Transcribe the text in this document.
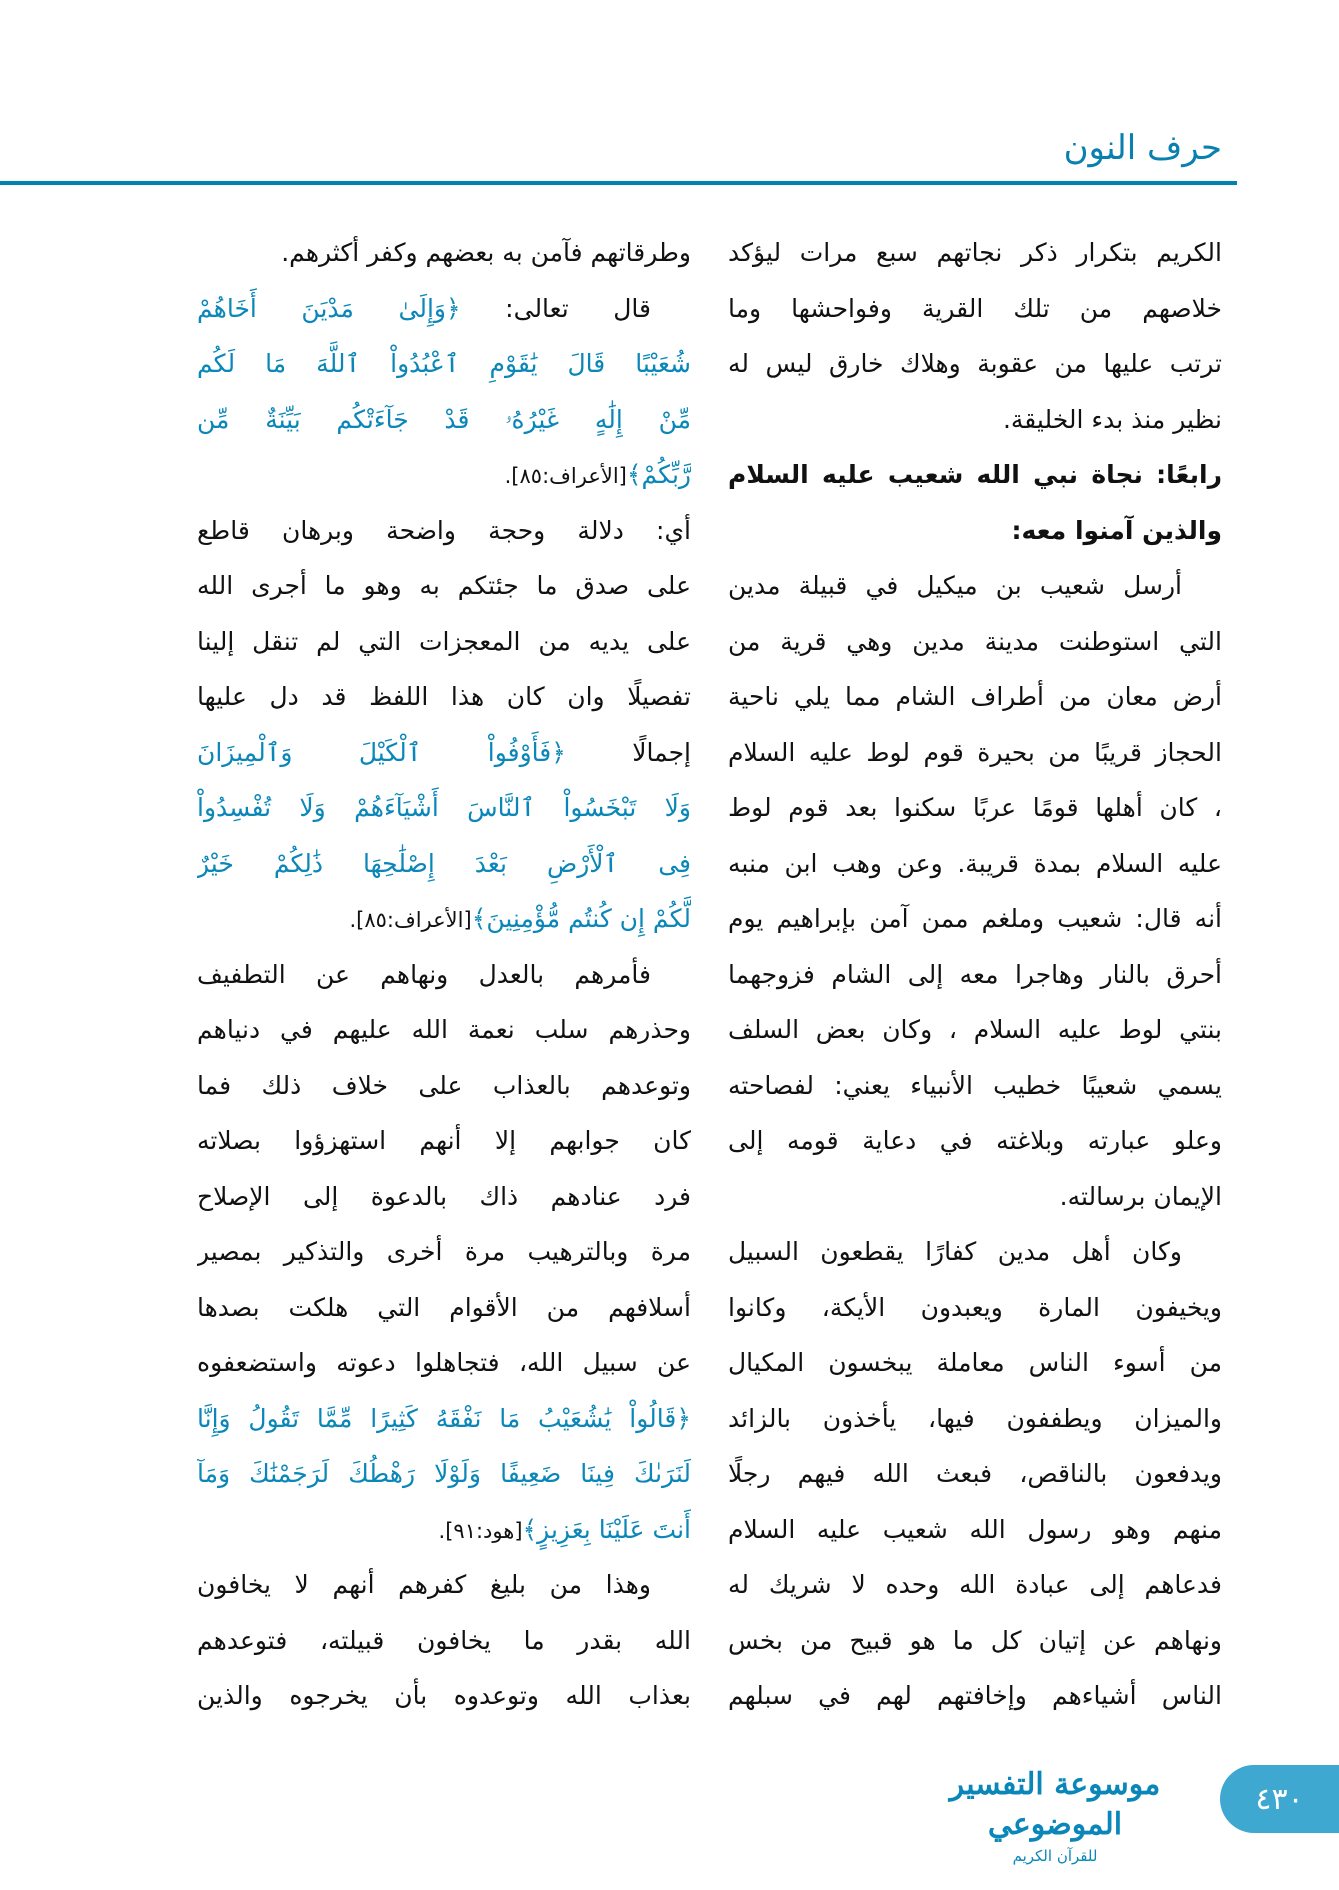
حرف النون
الكريم بتكرار ذكر نجاتهم سبع مرات ليؤكد
خلاصهم من تلك القرية وفواحشها وما
ترتب عليها من عقوبة وهلاك خارق ليس له
نظير منذ بدء الخليقة.
رابعًا: نجاة نبي الله شعيب عليه السلام
والذين آمنوا معه:
أرسل شعيب بن ميكيل في قبيلة مدين
التي استوطنت مدينة مدين وهي قرية من
أرض معان من أطراف الشام مما يلي ناحية
الحجاز قريبًا من بحيرة قوم لوط عليه السلام
، كان أهلها قومًا عربًا سكنوا بعد قوم لوط
عليه السلام بمدة قريبة. وعن وهب ابن منبه
أنه قال: شعيب وملغم ممن آمن بإبراهيم يوم
أحرق بالنار وهاجرا معه إلى الشام فزوجهما
بنتي لوط عليه السلام ، وكان بعض السلف
يسمي شعيبًا خطيب الأنبياء يعني: لفصاحته
وعلو عبارته وبلاغته في دعاية قومه إلى
الإيمان برسالته.
وكان أهل مدين كفارًا يقطعون السبيل
ويخيفون المارة ويعبدون الأيكة، وكانوا
من أسوء الناس معاملة يبخسون المكيال
والميزان ويطففون فيها، يأخذون بالزائد
ويدفعون بالناقص، فبعث الله فيهم رجلًا
منهم وهو رسول الله شعيب عليه السلام
فدعاهم إلى عبادة الله وحده لا شريك له
ونهاهم عن إتيان كل ما هو قبيح من بخس
الناس أشياءهم وإخافتهم لهم في سبلهم
وطرقاتهم فآمن به بعضهم وكفر أكثرهم.
قال تعالى: ﴿وَإِلَىٰ مَدْيَنَ أَخَاهُمْ
شُعَيْبًا قَالَ يَٰقَوْمِ ٱعْبُدُواْ ٱللَّهَ مَا لَكُم
مِّنْ إِلَٰهٍ غَيْرُهُۥ قَدْ جَآءَتْكُم بَيِّنَةٌ مِّن
رَّبِّكُمْ﴾[الأعراف:٨٥].
أي: دلالة وحجة واضحة وبرهان قاطع
على صدق ما جئتكم به وهو ما أجرى الله
على يديه من المعجزات التي لم تنقل إلينا
تفصيلًا وان كان هذا اللفظ قد دل عليها
إجمالًا ﴿فَأَوْفُواْ ٱلْكَيْلَ وَٱلْمِيزَانَ
وَلَا تَبْخَسُواْ ٱلنَّاسَ أَشْيَآءَهُمْ وَلَا تُفْسِدُواْ
فِى ٱلْأَرْضِ بَعْدَ إِصْلَٰحِهَا ذَٰلِكُمْ خَيْرٌ
لَّكُمْ إِن كُنتُم مُّؤْمِنِينَ﴾[الأعراف:٨٥].
فأمرهم بالعدل ونهاهم عن التطفيف
وحذرهم سلب نعمة الله عليهم في دنياهم
وتوعدهم بالعذاب على خلاف ذلك فما
كان جوابهم إلا أنهم استهزؤوا بصلاته
فرد عنادهم ذاك بالدعوة إلى الإصلاح
مرة وبالترهيب مرة أخرى والتذكير بمصير
أسلافهم من الأقوام التي هلكت بصدها
عن سبيل الله، فتجاهلوا دعوته واستضعفوه
﴿قَالُواْ يَٰشُعَيْبُ مَا نَفْقَهُ كَثِيرًا مِّمَّا تَقُولُ وَإِنَّا
لَنَرَىٰكَ فِينَا ضَعِيفًا وَلَوْلَا رَهْطُكَ لَرَجَمْنَٰكَ وَمَآ
أَنتَ عَلَيْنَا بِعَزِيزٍ﴾[هود:٩١].
وهذا من بليغ كفرهم أنهم لا يخافون
الله بقدر ما يخافون قبيلته، فتوعدهم
بعذاب الله وتوعدوه بأن يخرجوه والذين
موسوعة التفسير الموضوعي
للقرآن الكريم
٤٣٠
